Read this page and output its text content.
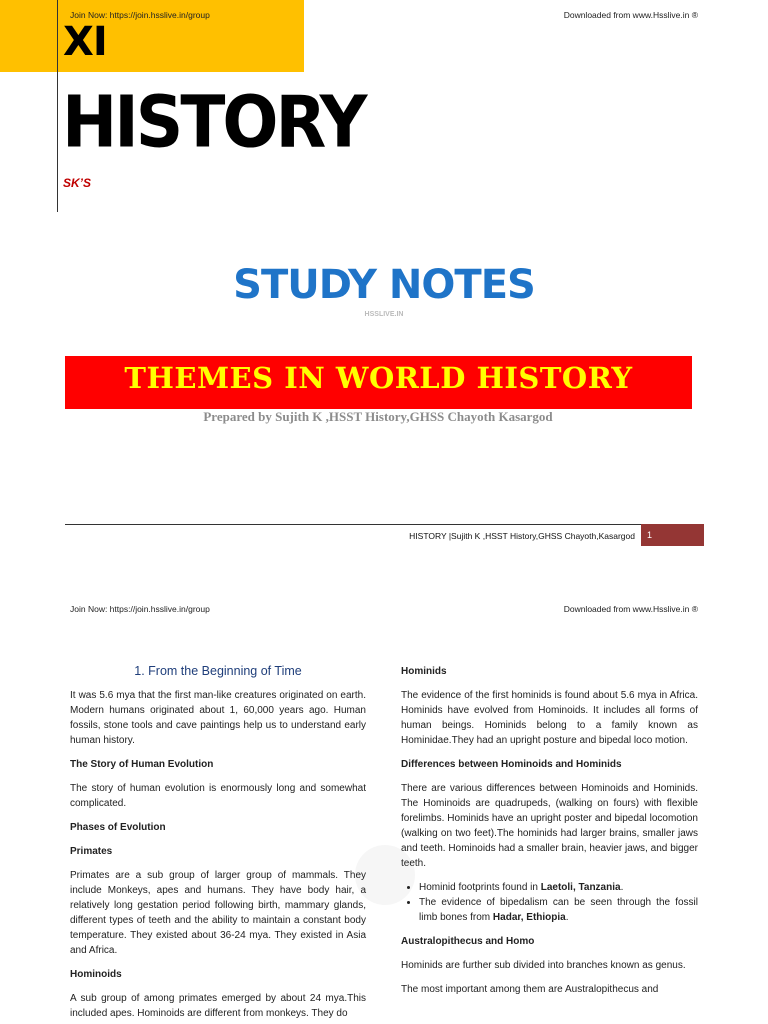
Join Now: https://join.hsslive.in/group	Downloaded from www.Hsslive.in ®
XI
HISTORY
SK’S
STUDY NOTES
HSSLIVE.IN
THEMES IN WORLD HISTORY
Prepared by Sujith K ,HSST History,GHSS Chayoth Kasargod
HISTORY |Sujith K ,HSST History,GHSS Chayoth,Kasargod	1
Join Now: https://join.hsslive.in/group	Downloaded from www.Hsslive.in ®
1. From the Beginning of Time

It was 5.6 mya that the first man-like creatures originated on earth. Modern humans originated about 1, 60,000 years ago. Human fossils, stone tools and cave paintings help us to understand early human history.

The Story of Human Evolution

The story of human evolution is enormously long and somewhat complicated.

Phases of Evolution
Primates

Primates are a sub group of larger group of mammals. They include Monkeys, apes and humans. They have body hair, a relatively long gestation period following birth, mammary glands, different types of teeth and the ability to maintain a constant body temperature. They existed about 36-24 mya. They existed in Asia and Africa.

Hominoids

A sub group of among primates emerged by about 24 mya.This included apes. Hominoids are different from monkeys. They do

Hominids

The evidence of the first hominids is found about 5.6 mya in Africa. Hominids have evolved from Hominoids. It includes all forms of human beings. Hominids belong to a family known as Hominidae.They had an upright posture and bipedal loco motion.

Differences between Hominoids and Hominids

There are various differences between Hominoids and Hominids. The Hominoids are quadrupeds, (walking on fours) with flexible forelimbs. Hominids have an upright poster and bipedal locomotion (walking on two feet).The hominids had larger brains, smaller jaws and teeth. Hominoids had a smaller brain, heavier jaws, and bigger teeth.

• Hominid footprints found in Laetoli, Tanzania.
• The evidence of bipedalism can be seen through the fossil limb bones from Hadar, Ethiopia.
Australopithecus and Homo

Hominids are further sub divided into branches known as genus.

The most important among them are Australopithecus and
